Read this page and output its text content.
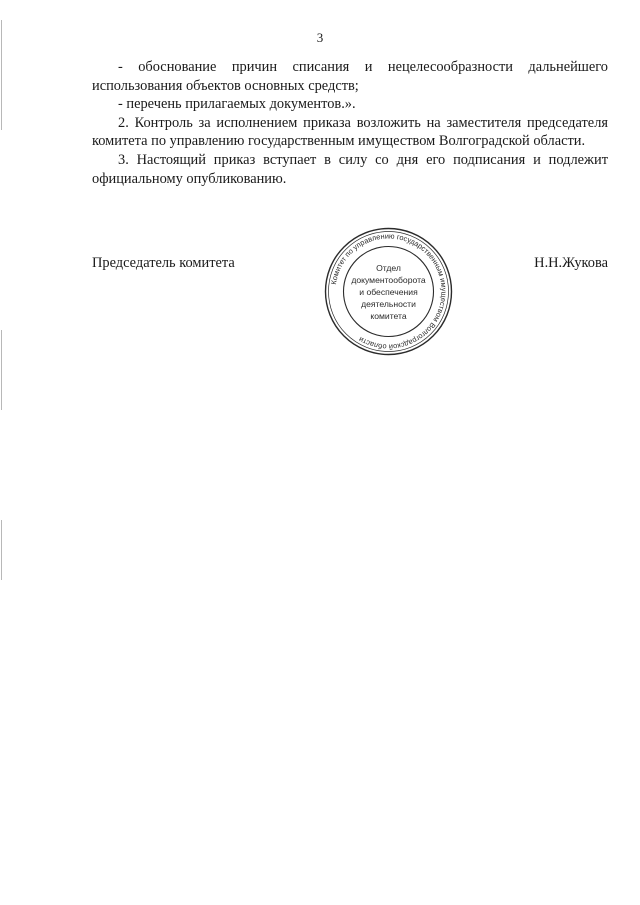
3

- обоснование причин списания и нецелесообразности дальнейшего использования объектов основных средств;

- перечень прилагаемых документов.».

2. Контроль за исполнением приказа возложить на заместителя председателя комитета по управлению государственным имуществом Волгоградской области.

3. Настоящий приказ вступает в силу со дня его подписания и подлежит официальному опубликованию.

Председатель комитета	Н.Н.Жукова
Комитет по управлению государственным имуществом Волгоградской области
Отдел
документооборота
и обеспечения
деятельности
комитета
